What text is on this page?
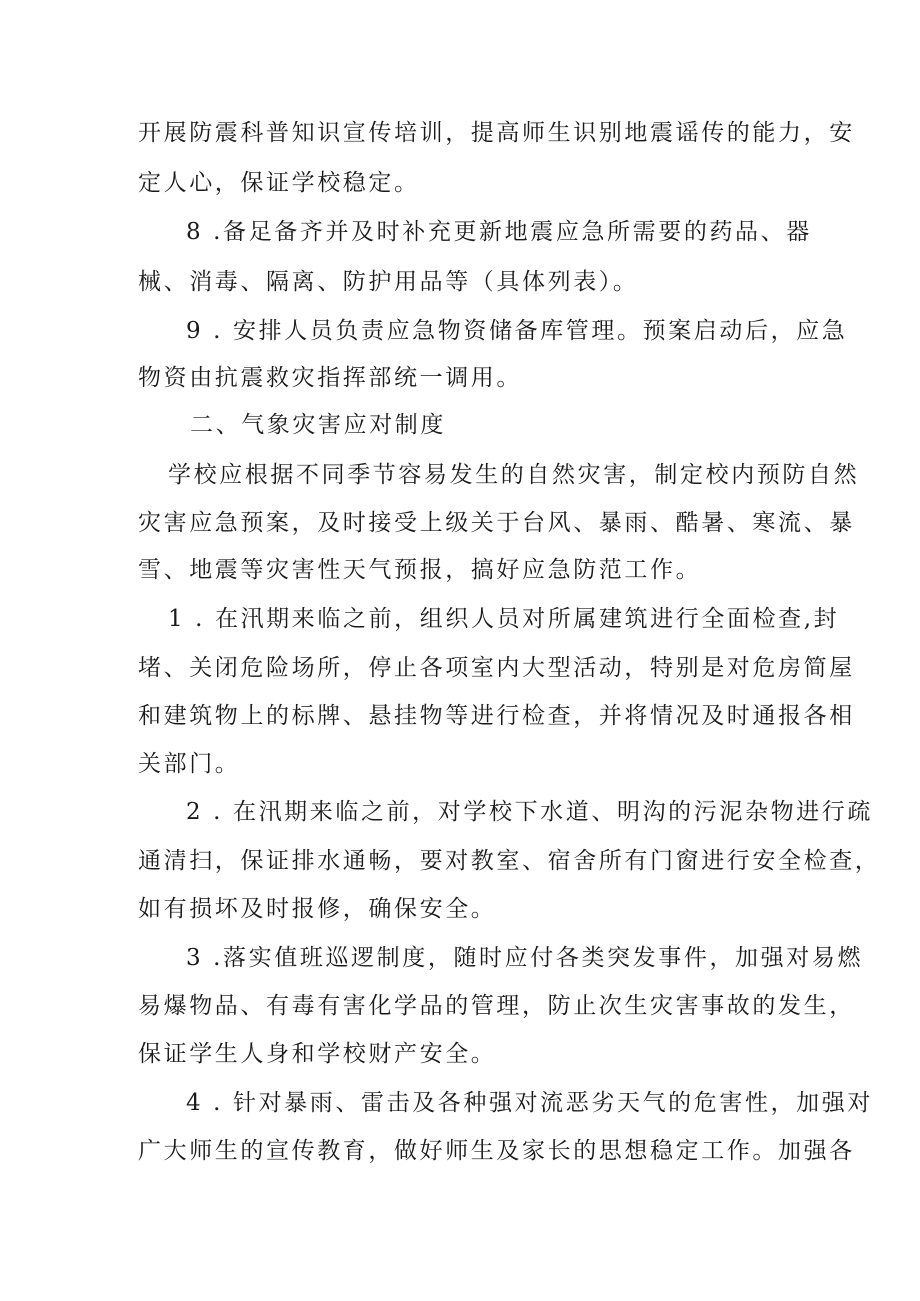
开展防震科普知识宣传培训，提高师生识别地震谣传的能力，安
定人心，保证学校稳定。
8 .备足备齐并及时补充更新地震应急所需要的药品、器
械、消毒、隔离、防护用品等（具体列表）。
9 . 安排人员负责应急物资储备库管理。预案启动后，应急
物资由抗震救灾指挥部统一调用。
二、气象灾害应对制度
学校应根据不同季节容易发生的自然灾害，制定校内预防自然
灾害应急预案，及时接受上级关于台风、暴雨、酷暑、寒流、暴
雪、地震等灾害性天气预报，搞好应急防范工作。
1 . 在汛期来临之前，组织人员对所属建筑进行全面检查,封
堵、关闭危险场所，停止各项室内大型活动，特别是对危房简屋
和建筑物上的标牌、悬挂物等进行检查，并将情况及时通报各相
关部门。
2 . 在汛期来临之前，对学校下水道、明沟的污泥杂物进行疏
通清扫，保证排水通畅，要对教室、宿舍所有门窗进行安全检查，
如有损坏及时报修，确保安全。
3 .落实值班巡逻制度，随时应付各类突发事件，加强对易燃
易爆物品、有毒有害化学品的管理，防止次生灾害事故的发生，
保证学生人身和学校财产安全。
4 . 针对暴雨、雷击及各种强对流恶劣天气的危害性，加强对
广大师生的宣传教育，做好师生及家长的思想稳定工作。加强各
